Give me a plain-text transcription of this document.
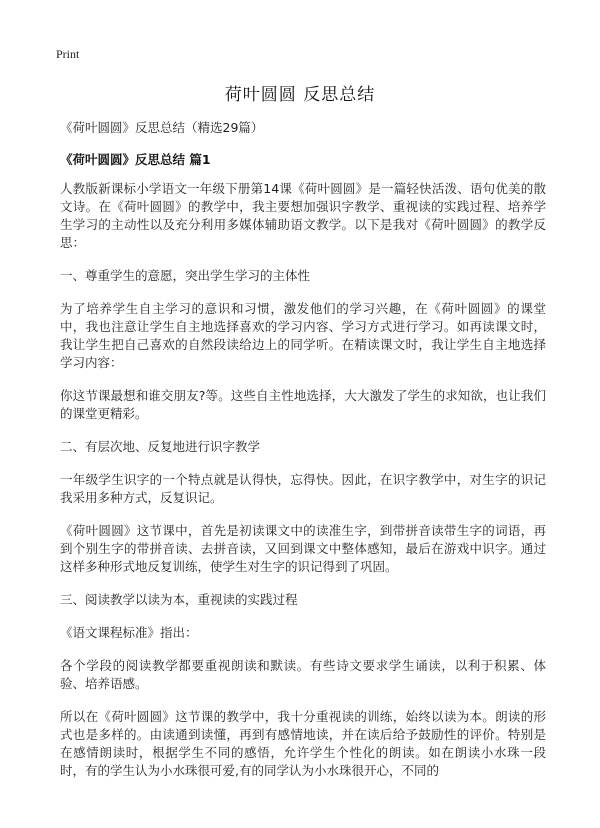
Print
荷叶圆圆 反思总结
《荷叶圆圆》反思总结（精选29篇）
《荷叶圆圆》反思总结 篇1

人教版新课标小学语文一年级下册第14课《荷叶圆圆》是一篇轻快活泼、语句优美的散文诗。在《荷叶圆圆》的教学中，我主要想加强识字教学、重视读的实践过程、培养学生学习的主动性以及充分利用多媒体辅助语文教学。以下是我对《荷叶圆圆》的教学反思：

一、尊重学生的意愿，突出学生学习的主体性

为了培养学生自主学习的意识和习惯，激发他们的学习兴趣，在《荷叶圆圆》的课堂中，我也注意让学生自主地选择喜欢的学习内容、学习方式进行学习。如再读课文时，我让学生把自己喜欢的自然段读给边上的同学听。在精读课文时，我让学生自主地选择学习内容：

你这节课最想和谁交朋友?等。这些自主性地选择，大大激发了学生的求知欲，也让我们的课堂更精彩。

二、有层次地、反复地进行识字教学

一年级学生识字的一个特点就是认得快，忘得快。因此，在识字教学中，对生字的识记我采用多种方式，反复识记。

《荷叶圆圆》这节课中，首先是初读课文中的读准生字，到带拼音读带生字的词语，再到个别生字的带拼音读、去拼音读，又回到课文中整体感知，最后在游戏中识字。通过这样多种形式地反复训练，使学生对生字的识记得到了巩固。

三、阅读教学以读为本，重视读的实践过程

《语文课程标准》指出：

各个学段的阅读教学都要重视朗读和默读。有些诗文要求学生诵读，以利于积累、体验、培养语感。

所以在《荷叶圆圆》这节课的教学中，我十分重视读的训练，始终以读为本。朗读的形式也是多样的。由读通到读懂，再到有感情地读，并在读后给予鼓励性的评价。特别是在感情朗读时，根据学生不同的感悟，允许学生个性化的朗读。如在朗读小水珠一段时，有的学生认为小水珠很可爱,有的同学认为小水珠很开心，不同的
